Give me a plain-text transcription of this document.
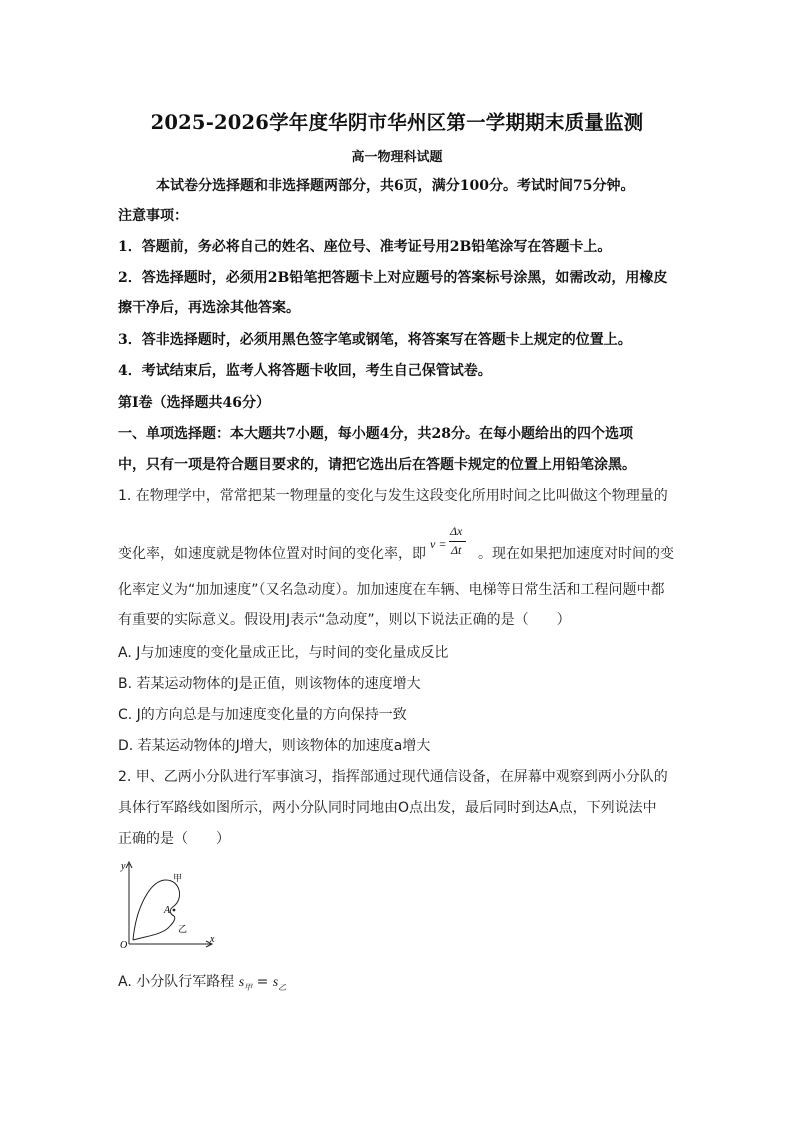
2025-2026学年度华阴市华州区第一学期期末质量监测
高一物理科试题
本试卷分选择题和非选择题两部分，共6页，满分100分。考试时间75分钟。
注意事项：
1．答题前，务必将自己的姓名、座位号、准考证号用2B铅笔涂写在答题卡上。
2．答选择题时，必须用2B铅笔把答题卡上对应题号的答案标号涂黑，如需改动，用橡皮
擦干净后，再选涂其他答案。
3．答非选择题时，必须用黑色签字笔或钢笔，将答案写在答题卡上规定的位置上。
4．考试结束后，监考人将答题卡收回，考生自己保管试卷。
第Ⅰ卷（选择题共46分）
一、单项选择题：本大题共7小题，每小题4分，共28分。在每小题给出的四个选项
中，只有一项是符合题目要求的，请把它选出后在答题卡规定的位置上用铅笔涂黑。
1. 在物理学中，常常把某一物理量的变化与发生这段变化所用时间之比叫做这个物理量的
变化率，如速度就是物体位置对时间的变化率，即	。现在如果把加速度对时间的变
v =
Δx
Δt
化率定义为“加加速度”（又名急动度）。加加速度在车辆、电梯等日常生活和工程问题中都
有重要的实际意义。假设用J表示“急动度”，则以下说法正确的是（　　）
A. J与加速度的变化量成正比，与时间的变化量成反比
B. 若某运动物体的J是正值，则该物体的速度增大
C. J的方向总是与加速度变化量的方向保持一致
D. 若某运动物体的J增大，则该物体的加速度a增大
2. 甲、乙两小分队进行军事演习，指挥部通过现代通信设备，在屏幕中观察到两小分队的
具体行军路线如图所示，两小分队同时同地由O点出发，最后同时到达A点，下列说法中
正确的是（　　）
y
x
O
A
甲
乙
A. 小分队行军路程 $s_甲 = s_乙$
